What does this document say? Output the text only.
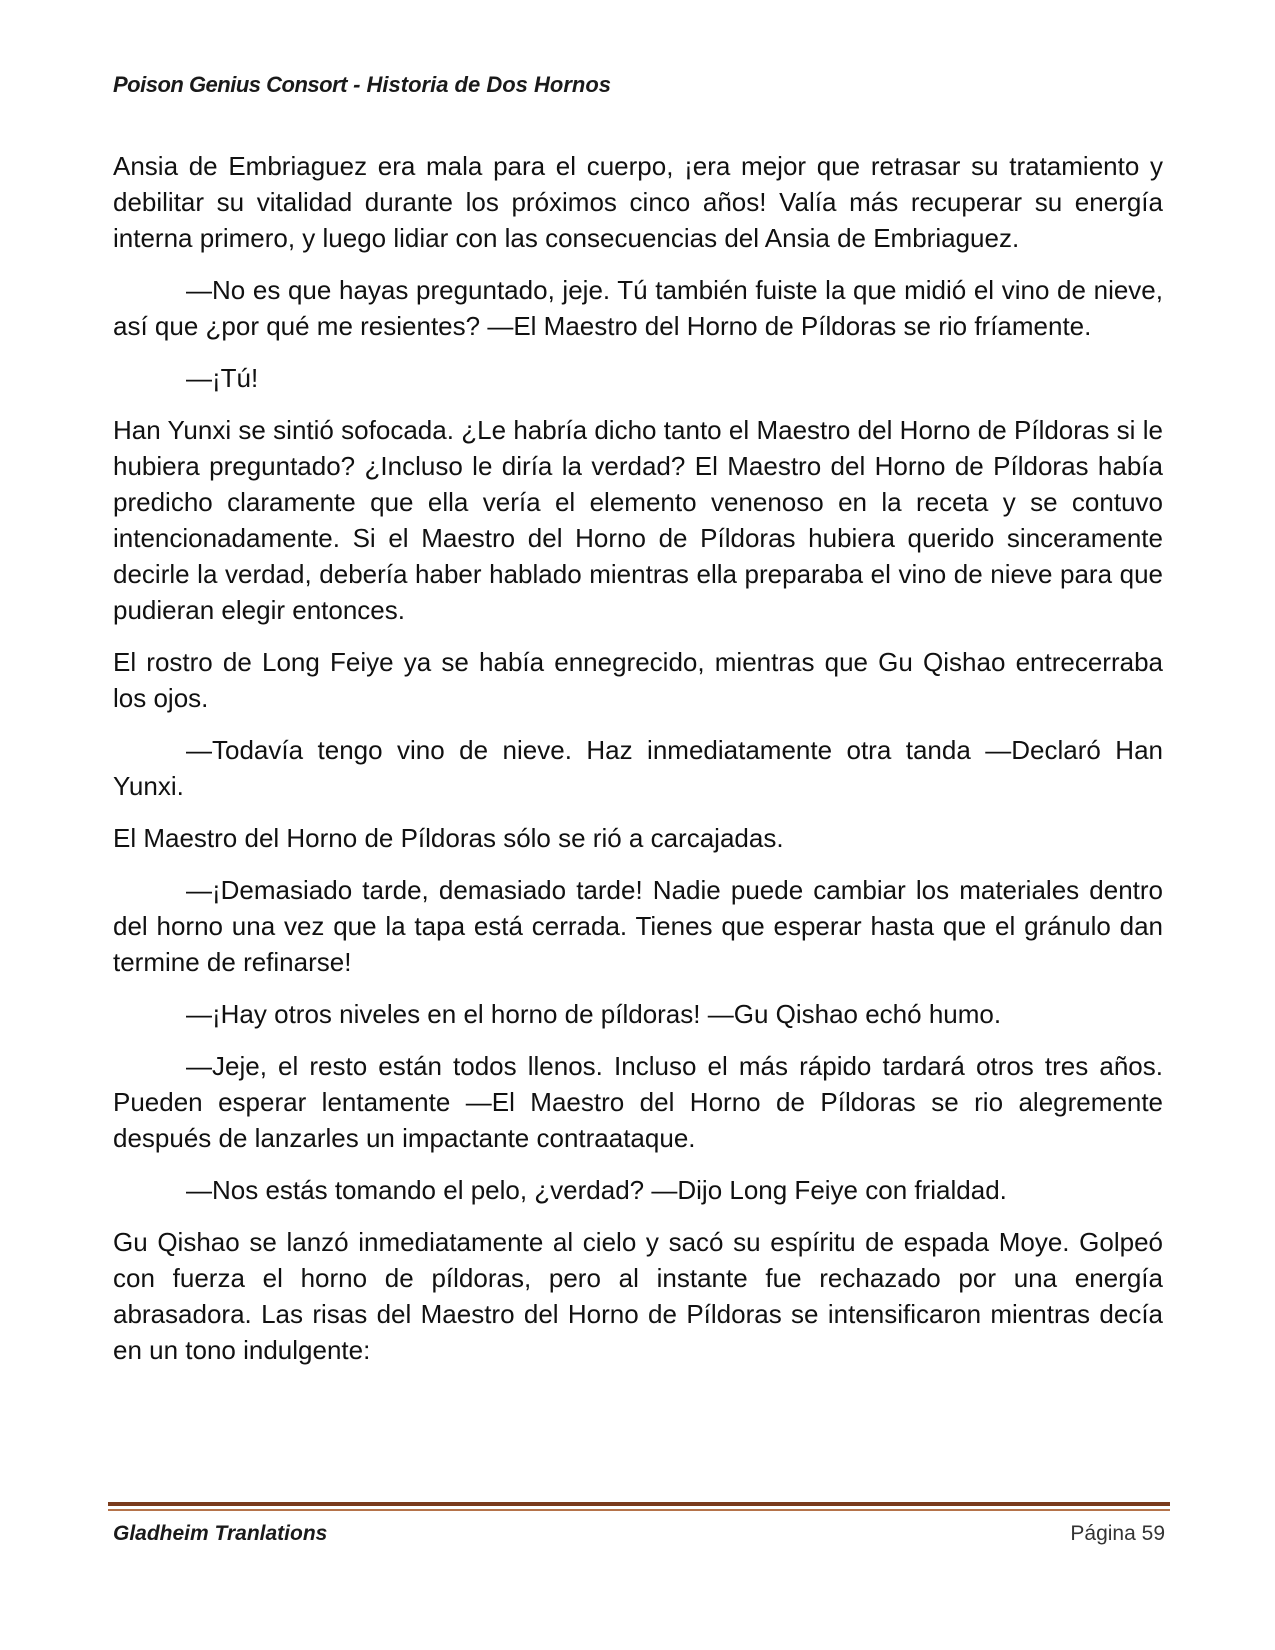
Poison Genius Consort - Historia de Dos Hornos

Ansia de Embriaguez era mala para el cuerpo, ¡era mejor que retrasar su tratamiento y debilitar su vitalidad durante los próximos cinco años! Valía más recuperar su energía interna primero, y luego lidiar con las consecuencias del Ansia de Embriaguez.

—No es que hayas preguntado, jeje. Tú también fuiste la que midió el vino de nieve, así que ¿por qué me resientes? —El Maestro del Horno de Píldoras se rio fríamente.

—¡Tú!

Han Yunxi se sintió sofocada. ¿Le habría dicho tanto el Maestro del Horno de Píldoras si le hubiera preguntado? ¿Incluso le diría la verdad? El Maestro del Horno de Píldoras había predicho claramente que ella vería el elemento venenoso en la receta y se contuvo intencionadamente. Si el Maestro del Horno de Píldoras hubiera querido sinceramente decirle la verdad, debería haber hablado mientras ella preparaba el vino de nieve para que pudieran elegir entonces.

El rostro de Long Feiye ya se había ennegrecido, mientras que Gu Qishao entrecerraba los ojos.

—Todavía tengo vino de nieve. Haz inmediatamente otra tanda —Declaró Han Yunxi.

El Maestro del Horno de Píldoras sólo se rió a carcajadas.

—¡Demasiado tarde, demasiado tarde! Nadie puede cambiar los materiales dentro del horno una vez que la tapa está cerrada. Tienes que esperar hasta que el gránulo dan termine de refinarse!

—¡Hay otros niveles en el horno de píldoras! —Gu Qishao echó humo.

—Jeje, el resto están todos llenos. Incluso el más rápido tardará otros tres años. Pueden esperar lentamente —El Maestro del Horno de Píldoras se rio alegremente después de lanzarles un impactante contraataque.

—Nos estás tomando el pelo, ¿verdad? —Dijo Long Feiye con frialdad.

Gu Qishao se lanzó inmediatamente al cielo y sacó su espíritu de espada Moye. Golpeó con fuerza el horno de píldoras, pero al instante fue rechazado por una energía abrasadora. Las risas del Maestro del Horno de Píldoras se intensificaron mientras decía en un tono indulgente:

Gladheim Tranlations	Página 59
